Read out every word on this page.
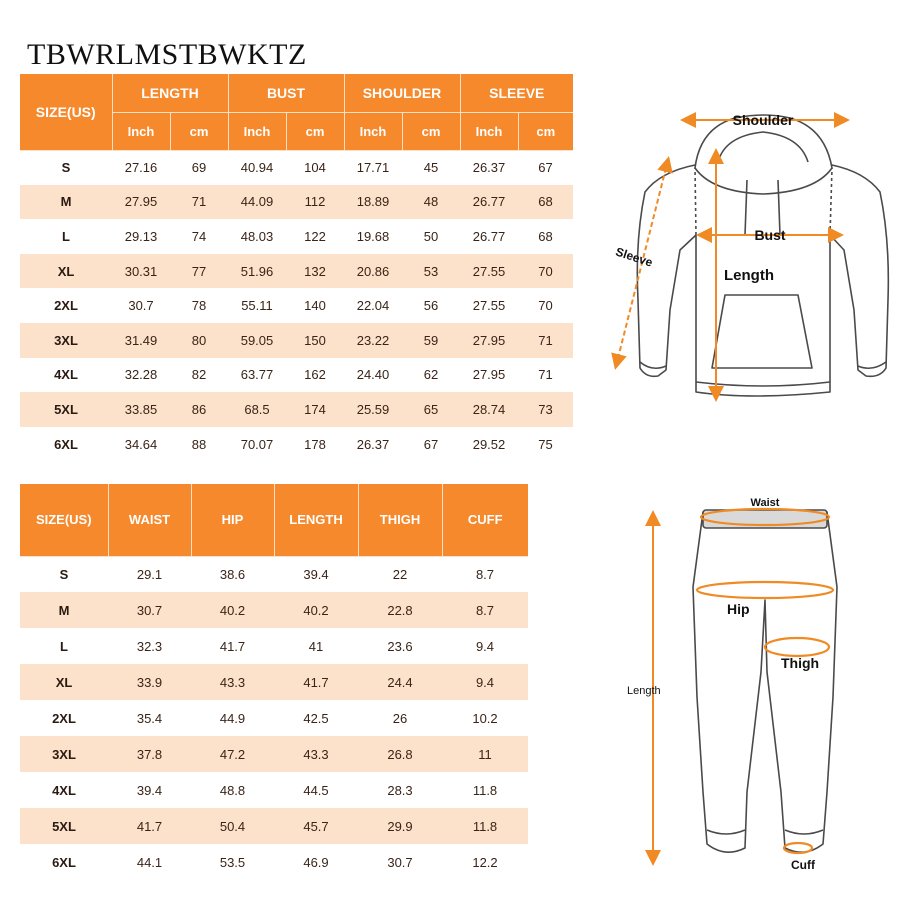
TBWRLMSTBWKTZ
SIZE(US)	LENGTH		BUST		SHOULDER		SLEEVE	
	Inch	cm	Inch	cm	Inch	cm	Inch	cm
S	27.16	69	40.94	104	17.71	45	26.37	67
M	27.95	71	44.09	112	18.89	48	26.77	68
L	29.13	74	48.03	122	19.68	50	26.77	68
XL	30.31	77	51.96	132	20.86	53	27.55	70
2XL	30.7	78	55.11	140	22.04	56	27.55	70
3XL	31.49	80	59.05	150	23.22	59	27.95	71
4XL	32.28	82	63.77	162	24.40	62	27.95	71
5XL	33.85	86	68.5	174	25.59	65	28.74	73
6XL	34.64	88	70.07	178	26.37	67	29.52	75
SIZE(US)	WAIST	HIP	LENGTH	THIGH	CUFF
S	29.1	38.6	39.4	22	8.7
M	30.7	40.2	40.2	22.8	8.7
L	32.3	41.7	41	23.6	9.4
XL	33.9	43.3	41.7	24.4	9.4
2XL	35.4	44.9	42.5	26	10.2
3XL	37.8	47.2	43.3	26.8	11
4XL	39.4	48.8	44.5	28.3	11.8
5XL	41.7	50.4	45.7	29.9	11.8
6XL	44.1	53.5	46.9	30.7	12.2
Shoulder
Bust
Length
Sleeve
Waist
Hip
Thigh
Length
Cuff
